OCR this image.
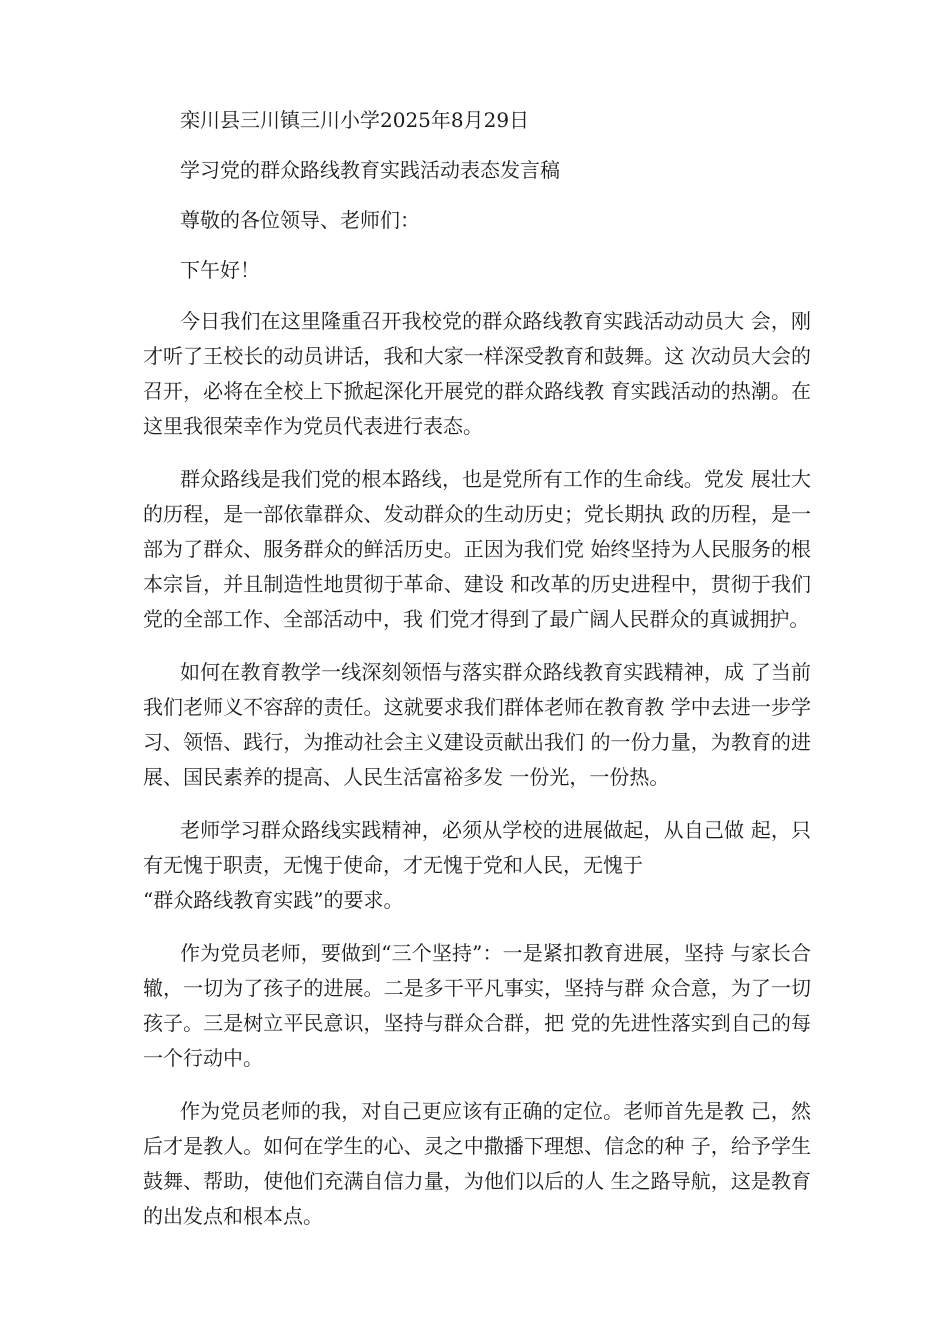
栾川县三川镇三川小学2025年8月29日

学习党的群众路线教育实践活动表态发言稿

尊敬的各位领导、老师们：

下午好！

今日我们在这里隆重召开我校党的群众路线教育实践活动动员大 会，刚才听了王校长的动员讲话，我和大家一样深受教育和鼓舞。这 次动员大会的召开，必将在全校上下掀起深化开展党的群众路线教 育实践活动的热潮。在这里我很荣幸作为党员代表进行表态。

群众路线是我们党的根本路线，也是党所有工作的生命线。党发 展壮大的历程，是一部依靠群众、发动群众的生动历史；党长期执 政的历程，是一部为了群众、服务群众的鲜活历史。正因为我们党 始终坚持为人民服务的根本宗旨，并且制造性地贯彻于革命、建设 和改革的历史进程中，贯彻于我们党的全部工作、全部活动中，我 们党才得到了最广阔人民群众的真诚拥护。

如何在教育教学一线深刻领悟与落实群众路线教育实践精神，成 了当前我们老师义不容辞的责任。这就要求我们群体老师在教育教 学中去进一步学习、领悟、践行，为推动社会主义建设贡献出我们 的一份力量，为教育的进展、国民素养的提高、人民生活富裕多发 一份光，一份热。

老师学习群众路线实践精神，必须从学校的进展做起，从自己做 起，只有无愧于职责，无愧于使命，才无愧于党和人民，无愧于

“群众路线教育实践”的要求。

作为党员老师，要做到“三个坚持”：一是紧扣教育进展，坚持 与家长合辙，一切为了孩子的进展。二是多干平凡事实，坚持与群 众合意，为了一切孩子。三是树立平民意识，坚持与群众合群，把 党的先进性落实到自己的每一个行动中。

作为党员老师的我，对自己更应该有正确的定位。老师首先是教 己，然后才是教人。如何在学生的心、灵之中撒播下理想、信念的种 子，给予学生鼓舞、帮助，使他们充满自信力量，为他们以后的人 生之路导航，这是教育的出发点和根本点。
